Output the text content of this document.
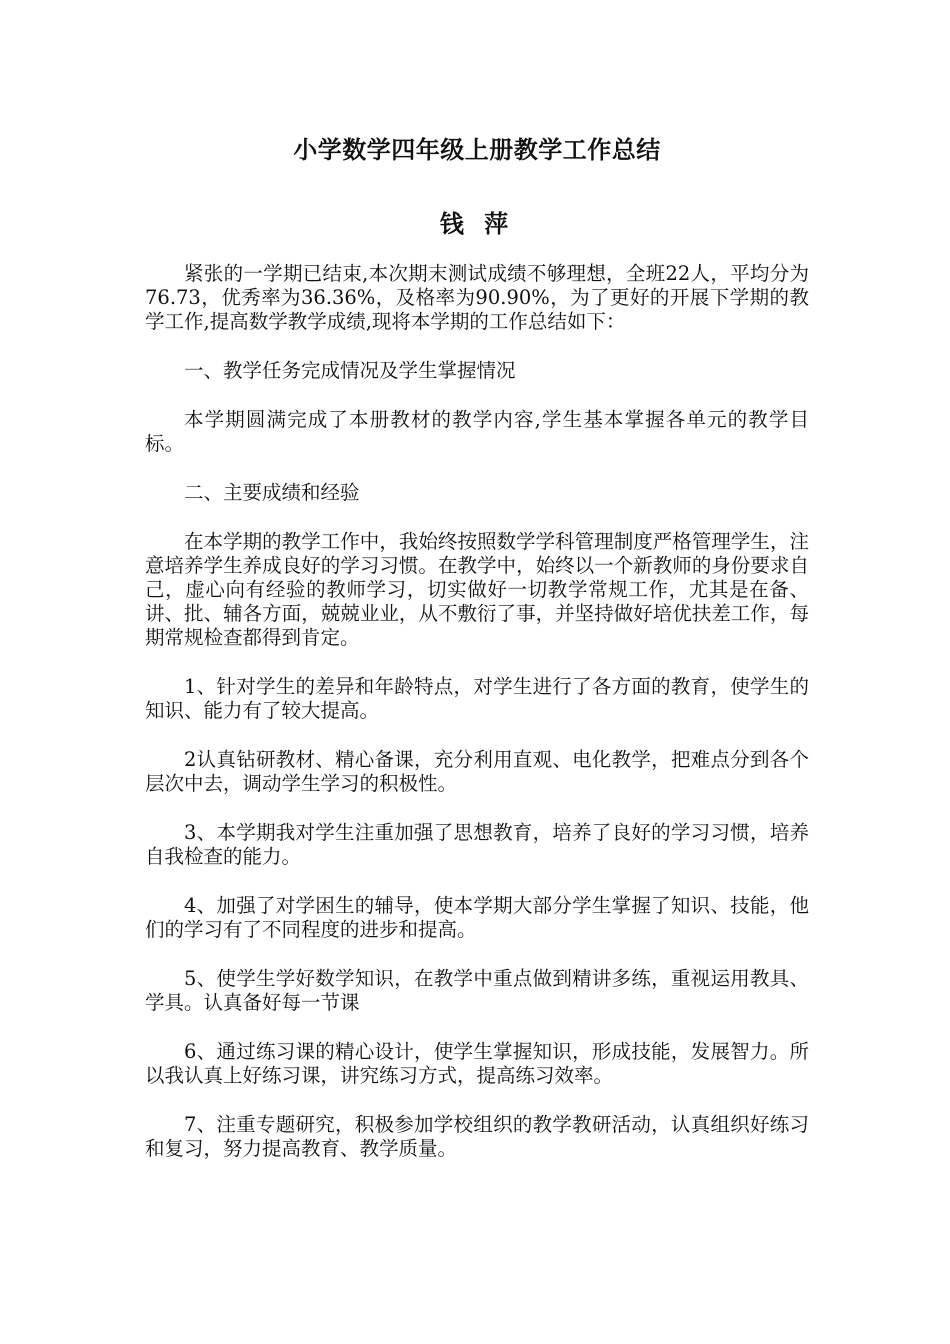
小学数学四年级上册教学工作总结
钱 萍

紧张的一学期已结束,本次期末测试成绩不够理想，全班22人，平均分为76.73，优秀率为36.36%，及格率为90.90%，为了更好的开展下学期的教学工作,提高数学教学成绩,现将本学期的工作总结如下：

一、教学任务完成情况及学生掌握情况

本学期圆满完成了本册教材的教学内容,学生基本掌握各单元的教学目标。

二、主要成绩和经验

在本学期的教学工作中，我始终按照数学学科管理制度严格管理学生，注意培养学生养成良好的学习习惯。在教学中，始终以一个新教师的身份要求自己，虚心向有经验的教师学习，切实做好一切教学常规工作，尤其是在备、讲、批、辅各方面，兢兢业业，从不敷衍了事，并坚持做好培优扶差工作，每期常规检查都得到肯定。

1、针对学生的差异和年龄特点，对学生进行了各方面的教育，使学生的知识、能力有了较大提高。

2认真钻研教材、精心备课，充分利用直观、电化教学，把难点分到各个层次中去，调动学生学习的积极性。

3、本学期我对学生注重加强了思想教育，培养了良好的学习习惯，培养自我检查的能力。

4、加强了对学困生的辅导，使本学期大部分学生掌握了知识、技能，他们的学习有了不同程度的进步和提高。

5、使学生学好数学知识，在教学中重点做到精讲多练，重视运用教具、学具。认真备好每一节课

6、通过练习课的精心设计，使学生掌握知识，形成技能，发展智力。所以我认真上好练习课，讲究练习方式，提高练习效率。

7、注重专题研究，积极参加学校组织的教学教研活动，认真组织好练习和复习，努力提高教育、教学质量。
